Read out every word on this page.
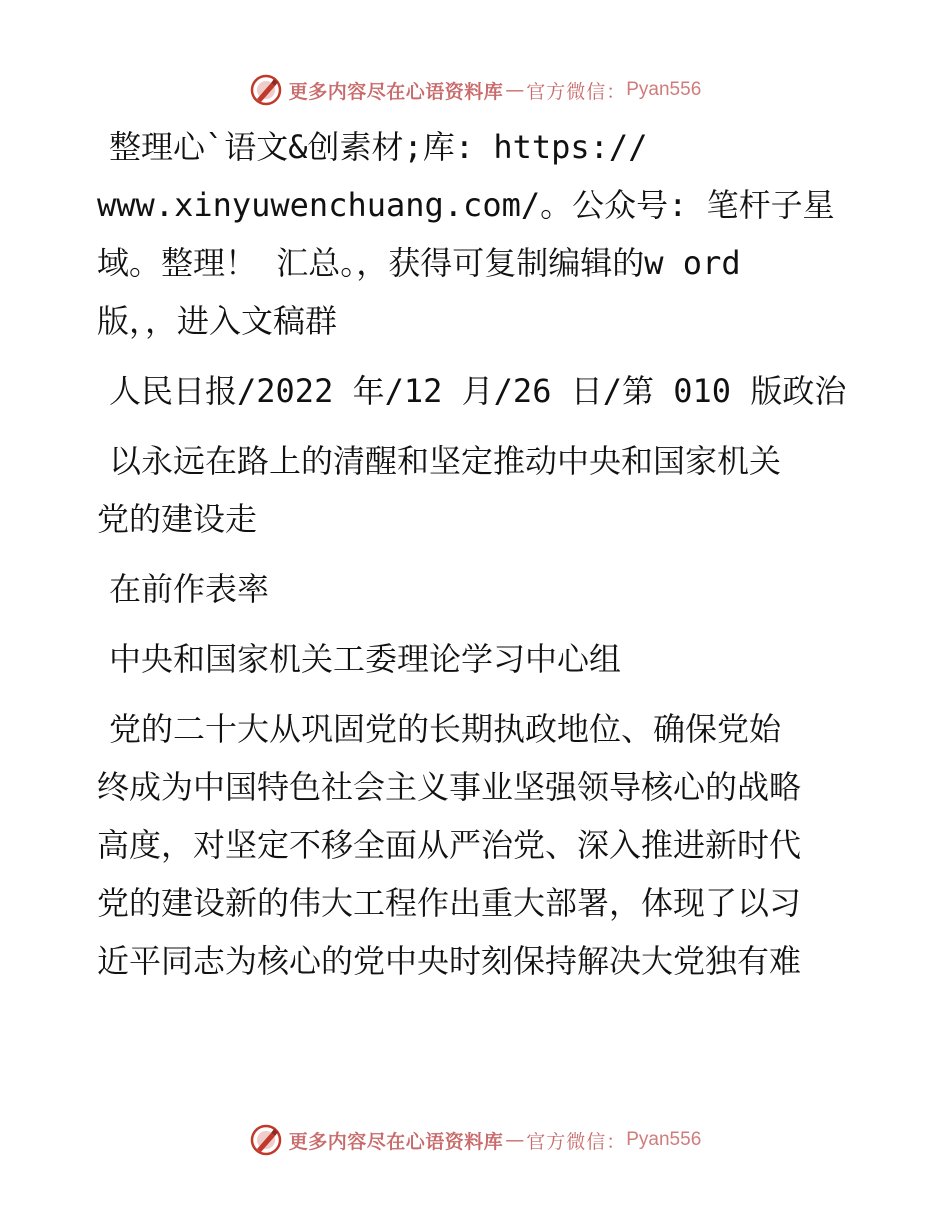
更多内容尽在心语资料库 — 官方微信： Pyan556
整理心`语文&创素材;库: https://
www.xinyuwenchuang.com/。公众号: 笔杆子星
域。整理！ 汇总。，获得可复制编辑的w ord
版，，进入文稿群
人民日报/2022 年/12 月/26 日/第 010 版政治
以永远在路上的清醒和坚定推动中央和国家机关
党的建设走
在前作表率
中央和国家机关工委理论学习中心组
党的二十大从巩固党的长期执政地位、确保党始
终成为中国特色社会主义事业坚强领导核心的战略
高度，对坚定不移全面从严治党、深入推进新时代
党的建设新的伟大工程作出重大部署，体现了以习
近平同志为核心的党中央时刻保持解决大党独有难
更多内容尽在心语资料库 — 官方微信： Pyan556
